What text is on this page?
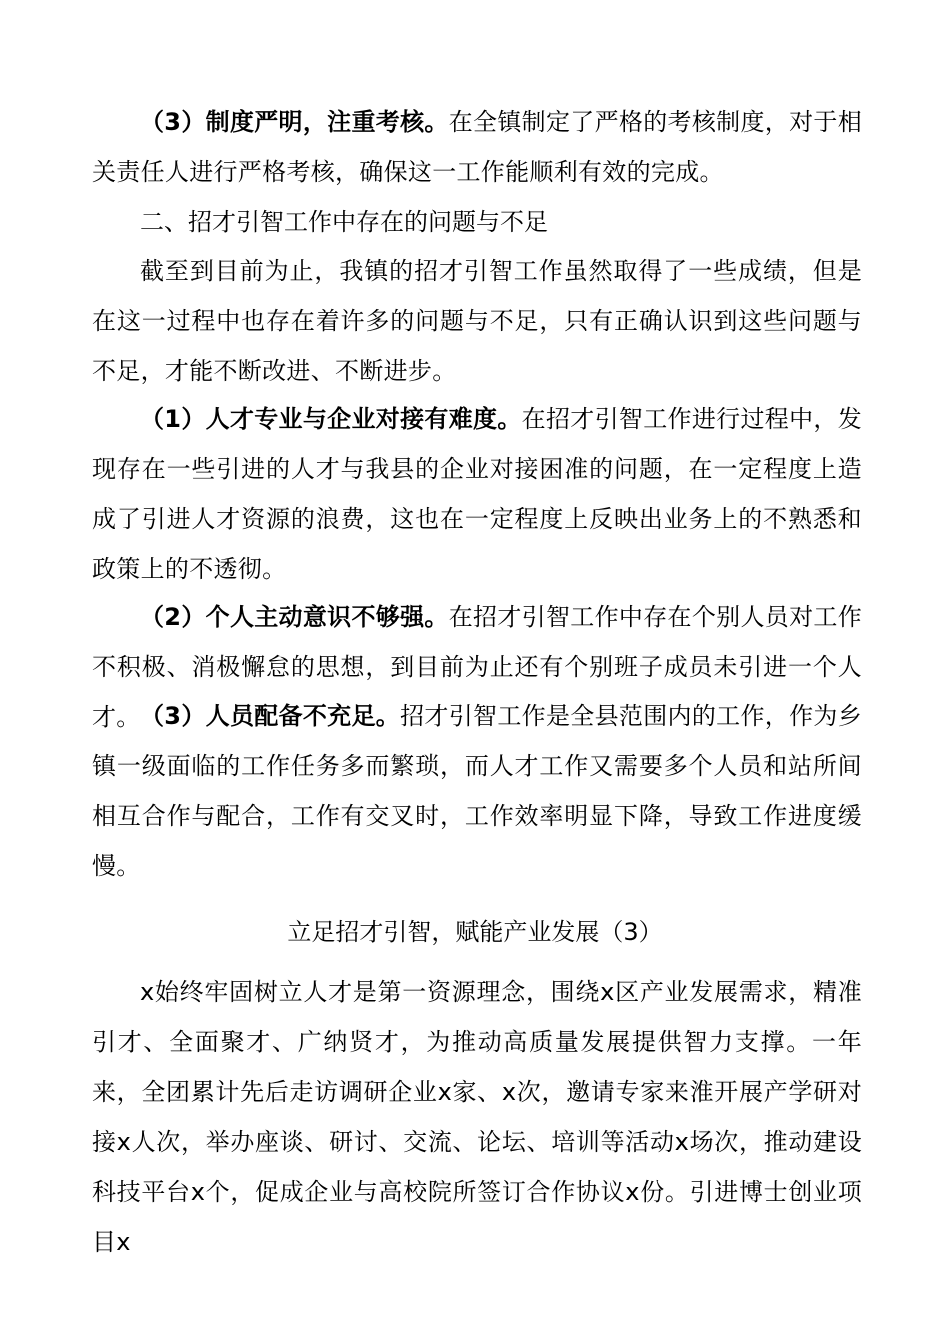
（3）制度严明，注重考核。在全镇制定了严格的考核制度，对于相关责任人进行严格考核，确保这一工作能顺利有效的完成。

二、招才引智工作中存在的问题与不足

截至到目前为止，我镇的招才引智工作虽然取得了一些成绩，但是在这一过程中也存在着许多的问题与不足，只有正确认识到这些问题与不足，才能不断改进、不断进步。

（1）人才专业与企业对接有难度。在招才引智工作进行过程中，发现存在一些引进的人才与我县的企业对接困准的问题，在一定程度上造成了引进人才资源的浪费，这也在一定程度上反映出业务上的不熟悉和政策上的不透彻。

（2）个人主动意识不够强。在招才引智工作中存在个别人员对工作不积极、消极懈怠的思想，到目前为止还有个别班子成员未引进一个人才。 （3）人员配备不充足。招才引智工作是全县范围内的工作，作为乡镇一级面临的工作任务多而繁琐，而人才工作又需要多个人员和站所间相互合作与配合，工作有交叉时，工作效率明显下降，导致工作进度缓慢。

立足招才引智，赋能产业发展（3）

x始终牢固树立人才是第一资源理念，围绕x区产业发展需求，精准引才、全面聚才、广纳贤才，为推动高质量发展提供智力支撑。一年来，全团累计先后走访调研企业x家、x次，邀请专家来淮开展产学研对接x人次，举办座谈、研讨、交流、论坛、培训等活动x场次，推动建设科技平台x个，促成企业与高校院所签订合作协议x份。引进博士创业项目x
